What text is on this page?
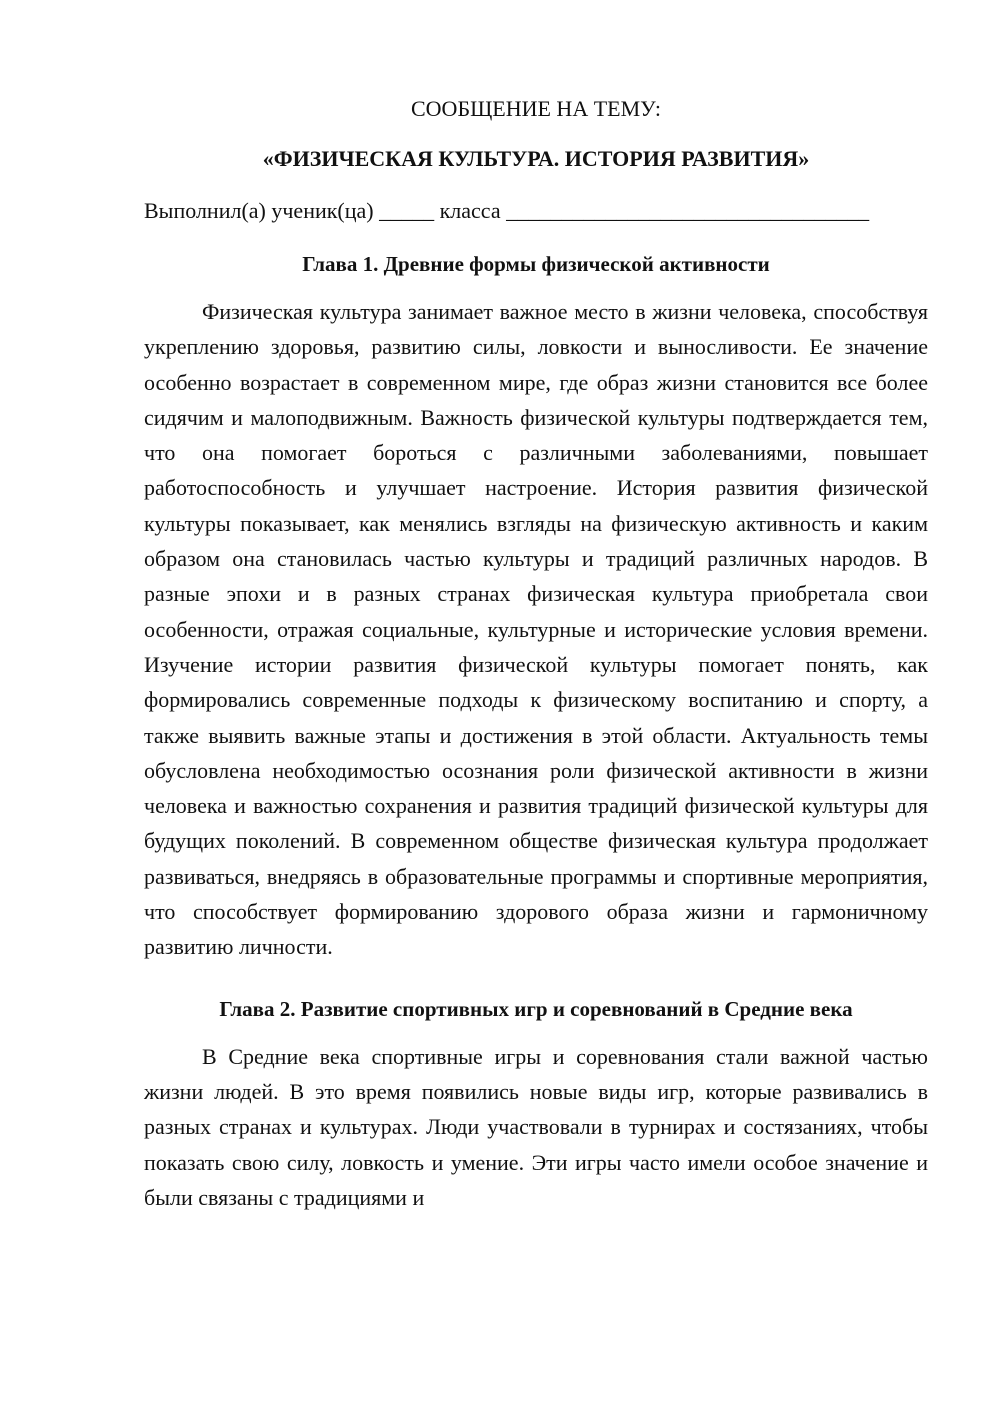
СООБЩЕНИЕ НА ТЕМУ:

«ФИЗИЧЕСКАЯ КУЛЬТУРА. ИСТОРИЯ РАЗВИТИЯ»

Выполнил(а) ученик(ца) _____ класса _________________________________

Глава 1. Древние формы физической активности

Физическая культура занимает важное место в жизни человека, способствуя укреплению здоровья, развитию силы, ловкости и выносливости. Ее значение особенно возрастает в современном мире, где образ жизни становится все более сидячим и малоподвижным. Важность физической культуры подтверждается тем, что она помогает бороться с различными заболеваниями, повышает работоспособность и улучшает настроение. История развития физической культуры показывает, как менялись взгляды на физическую активность и каким образом она становилась частью культуры и традиций различных народов. В разные эпохи и в разных странах физическая культура приобретала свои особенности, отражая социальные, культурные и исторические условия времени. Изучение истории развития физической культуры помогает понять, как формировались современные подходы к физическому воспитанию и спорту, а также выявить важные этапы и достижения в этой области. Актуальность темы обусловлена необходимостью осознания роли физической активности в жизни человека и важностью сохранения и развития традиций физической культуры для будущих поколений. В современном обществе физическая культура продолжает развиваться, внедряясь в образовательные программы и спортивные мероприятия, что способствует формированию здорового образа жизни и гармоничному развитию личности.

Глава 2. Развитие спортивных игр и соревнований в Средние века

В Средние века спортивные игры и соревнования стали важной частью жизни людей. В это время появились новые виды игр, которые развивались в разных странах и культурах. Люди участвовали в турнирах и состязаниях, чтобы показать свою силу, ловкость и умение. Эти игры часто имели особое значение и были связаны с традициями и
